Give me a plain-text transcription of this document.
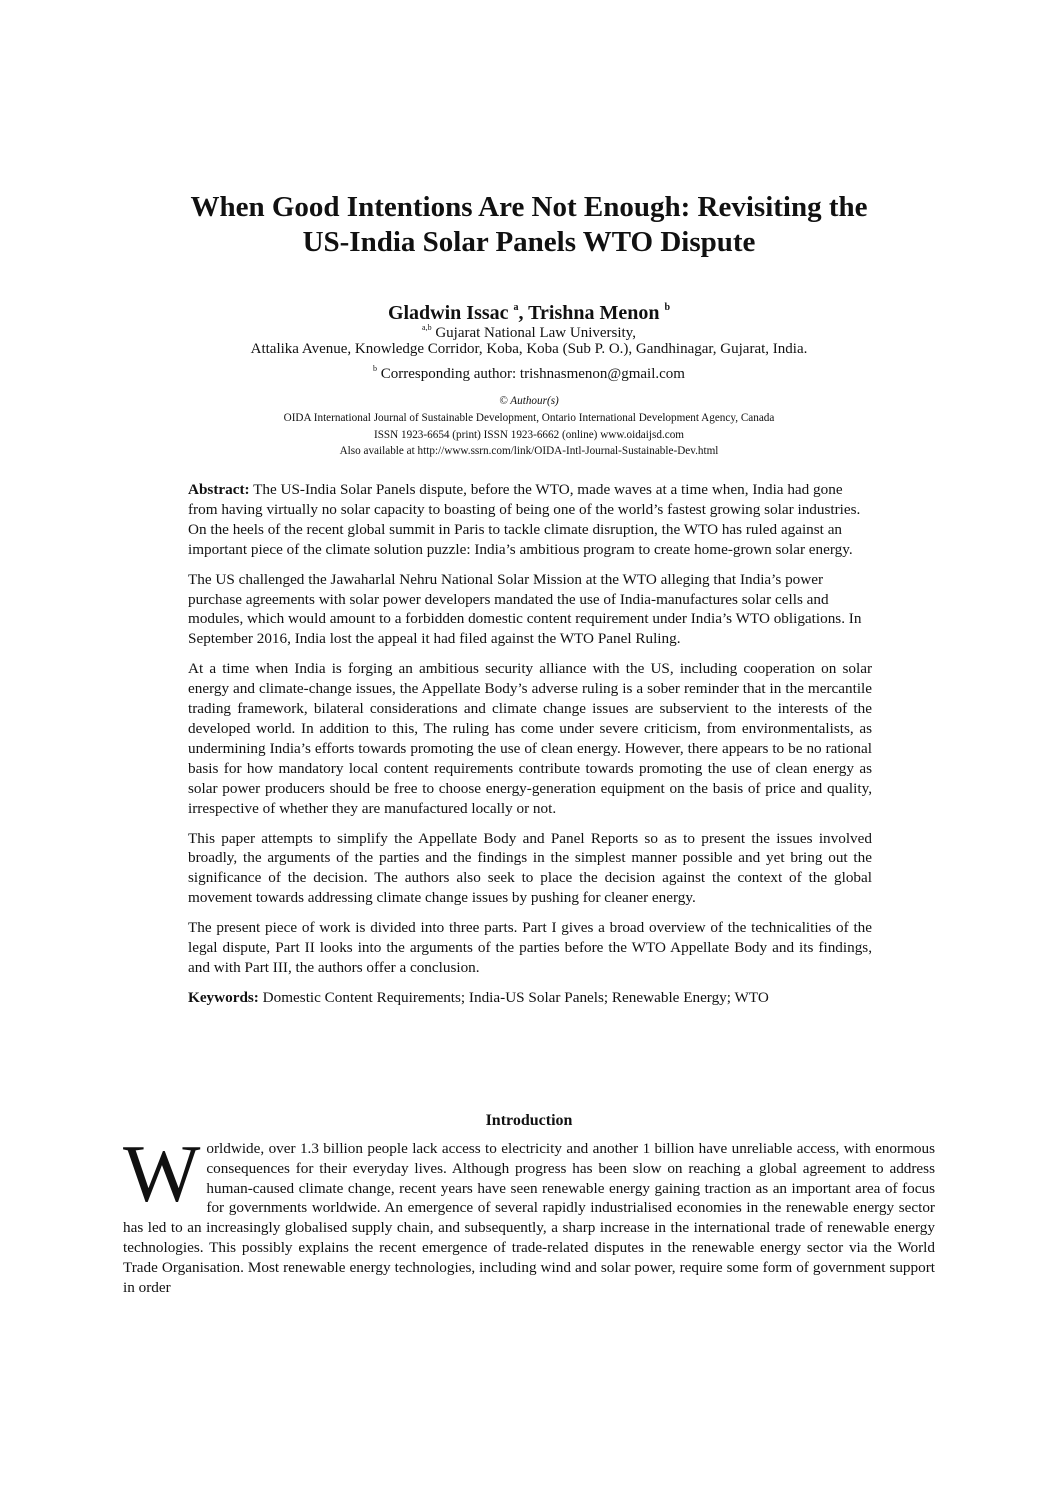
When Good Intentions Are Not Enough: Revisiting the
US-India Solar Panels WTO Dispute
Gladwin Issac $^a$, Trishna Menon $^b$
$^{a,b}$ Gujarat National Law University,
Attalika Avenue, Knowledge Corridor, Koba, Koba (Sub P. O.), Gandhinagar, Gujarat, India.
$^b$ Corresponding author: trishnasmenon@gmail.com
© Authour(s)
OIDA International Journal of Sustainable Development, Ontario International Development Agency, Canada
ISSN 1923-6654 (print) ISSN 1923-6662 (online) www.oidaijsd.com
Also available at http://www.ssrn.com/link/OIDA-Intl-Journal-Sustainable-Dev.html

Abstract: The US-India Solar Panels dispute, before the WTO, made waves at a time when, India had gone from having virtually no solar capacity to boasting of being one of the world’s fastest growing solar industries. On the heels of the recent global summit in Paris to tackle climate disruption, the WTO has ruled against an important piece of the climate solution puzzle: India’s ambitious program to create home-grown solar energy.

The US challenged the Jawaharlal Nehru National Solar Mission at the WTO alleging that India’s power purchase agreements with solar power developers mandated the use of India-manufactures solar cells and modules, which would amount to a forbidden domestic content requirement under India’s WTO obligations. In September 2016, India lost the appeal it had filed against the WTO Panel Ruling.

At a time when India is forging an ambitious security alliance with the US, including cooperation on solar energy and climate-change issues, the Appellate Body’s adverse ruling is a sober reminder that in the mercantile trading framework, bilateral considerations and climate change issues are subservient to the interests of the developed world. In addition to this, The ruling has come under severe criticism, from environmentalists, as undermining India’s efforts towards promoting the use of clean energy. However, there appears to be no rational basis for how mandatory local content requirements contribute towards promoting the use of clean energy as solar power producers should be free to choose energy-generation equipment on the basis of price and quality, irrespective of whether they are manufactured locally or not.

This paper attempts to simplify the Appellate Body and Panel Reports so as to present the issues involved broadly, the arguments of the parties and the findings in the simplest manner possible and yet bring out the significance of the decision. The authors also seek to place the decision against the context of the global movement towards addressing climate change issues by pushing for cleaner energy.

The present piece of work is divided into three parts. Part I gives a broad overview of the technicalities of the legal dispute, Part II looks into the arguments of the parties before the WTO Appellate Body and its findings, and with Part III, the authors offer a conclusion.

Keywords: Domestic Content Requirements; India-US Solar Panels; Renewable Energy; WTO

Introduction

Worldwide, over 1.3 billion people lack access to electricity and another 1 billion have unreliable access, with enormous consequences for their everyday lives. Although progress has been slow on reaching a global agreement to address human-caused climate change, recent years have seen renewable energy gaining traction as an important area of focus for governments worldwide. An emergence of several rapidly industrialised economies in the renewable energy sector has led to an increasingly globalised supply chain, and subsequently, a sharp increase in the international trade of renewable energy technologies. This possibly explains the recent emergence of trade-related disputes in the renewable energy sector via the World Trade Organisation. Most renewable energy technologies, including wind and solar power, require some form of government support in order
